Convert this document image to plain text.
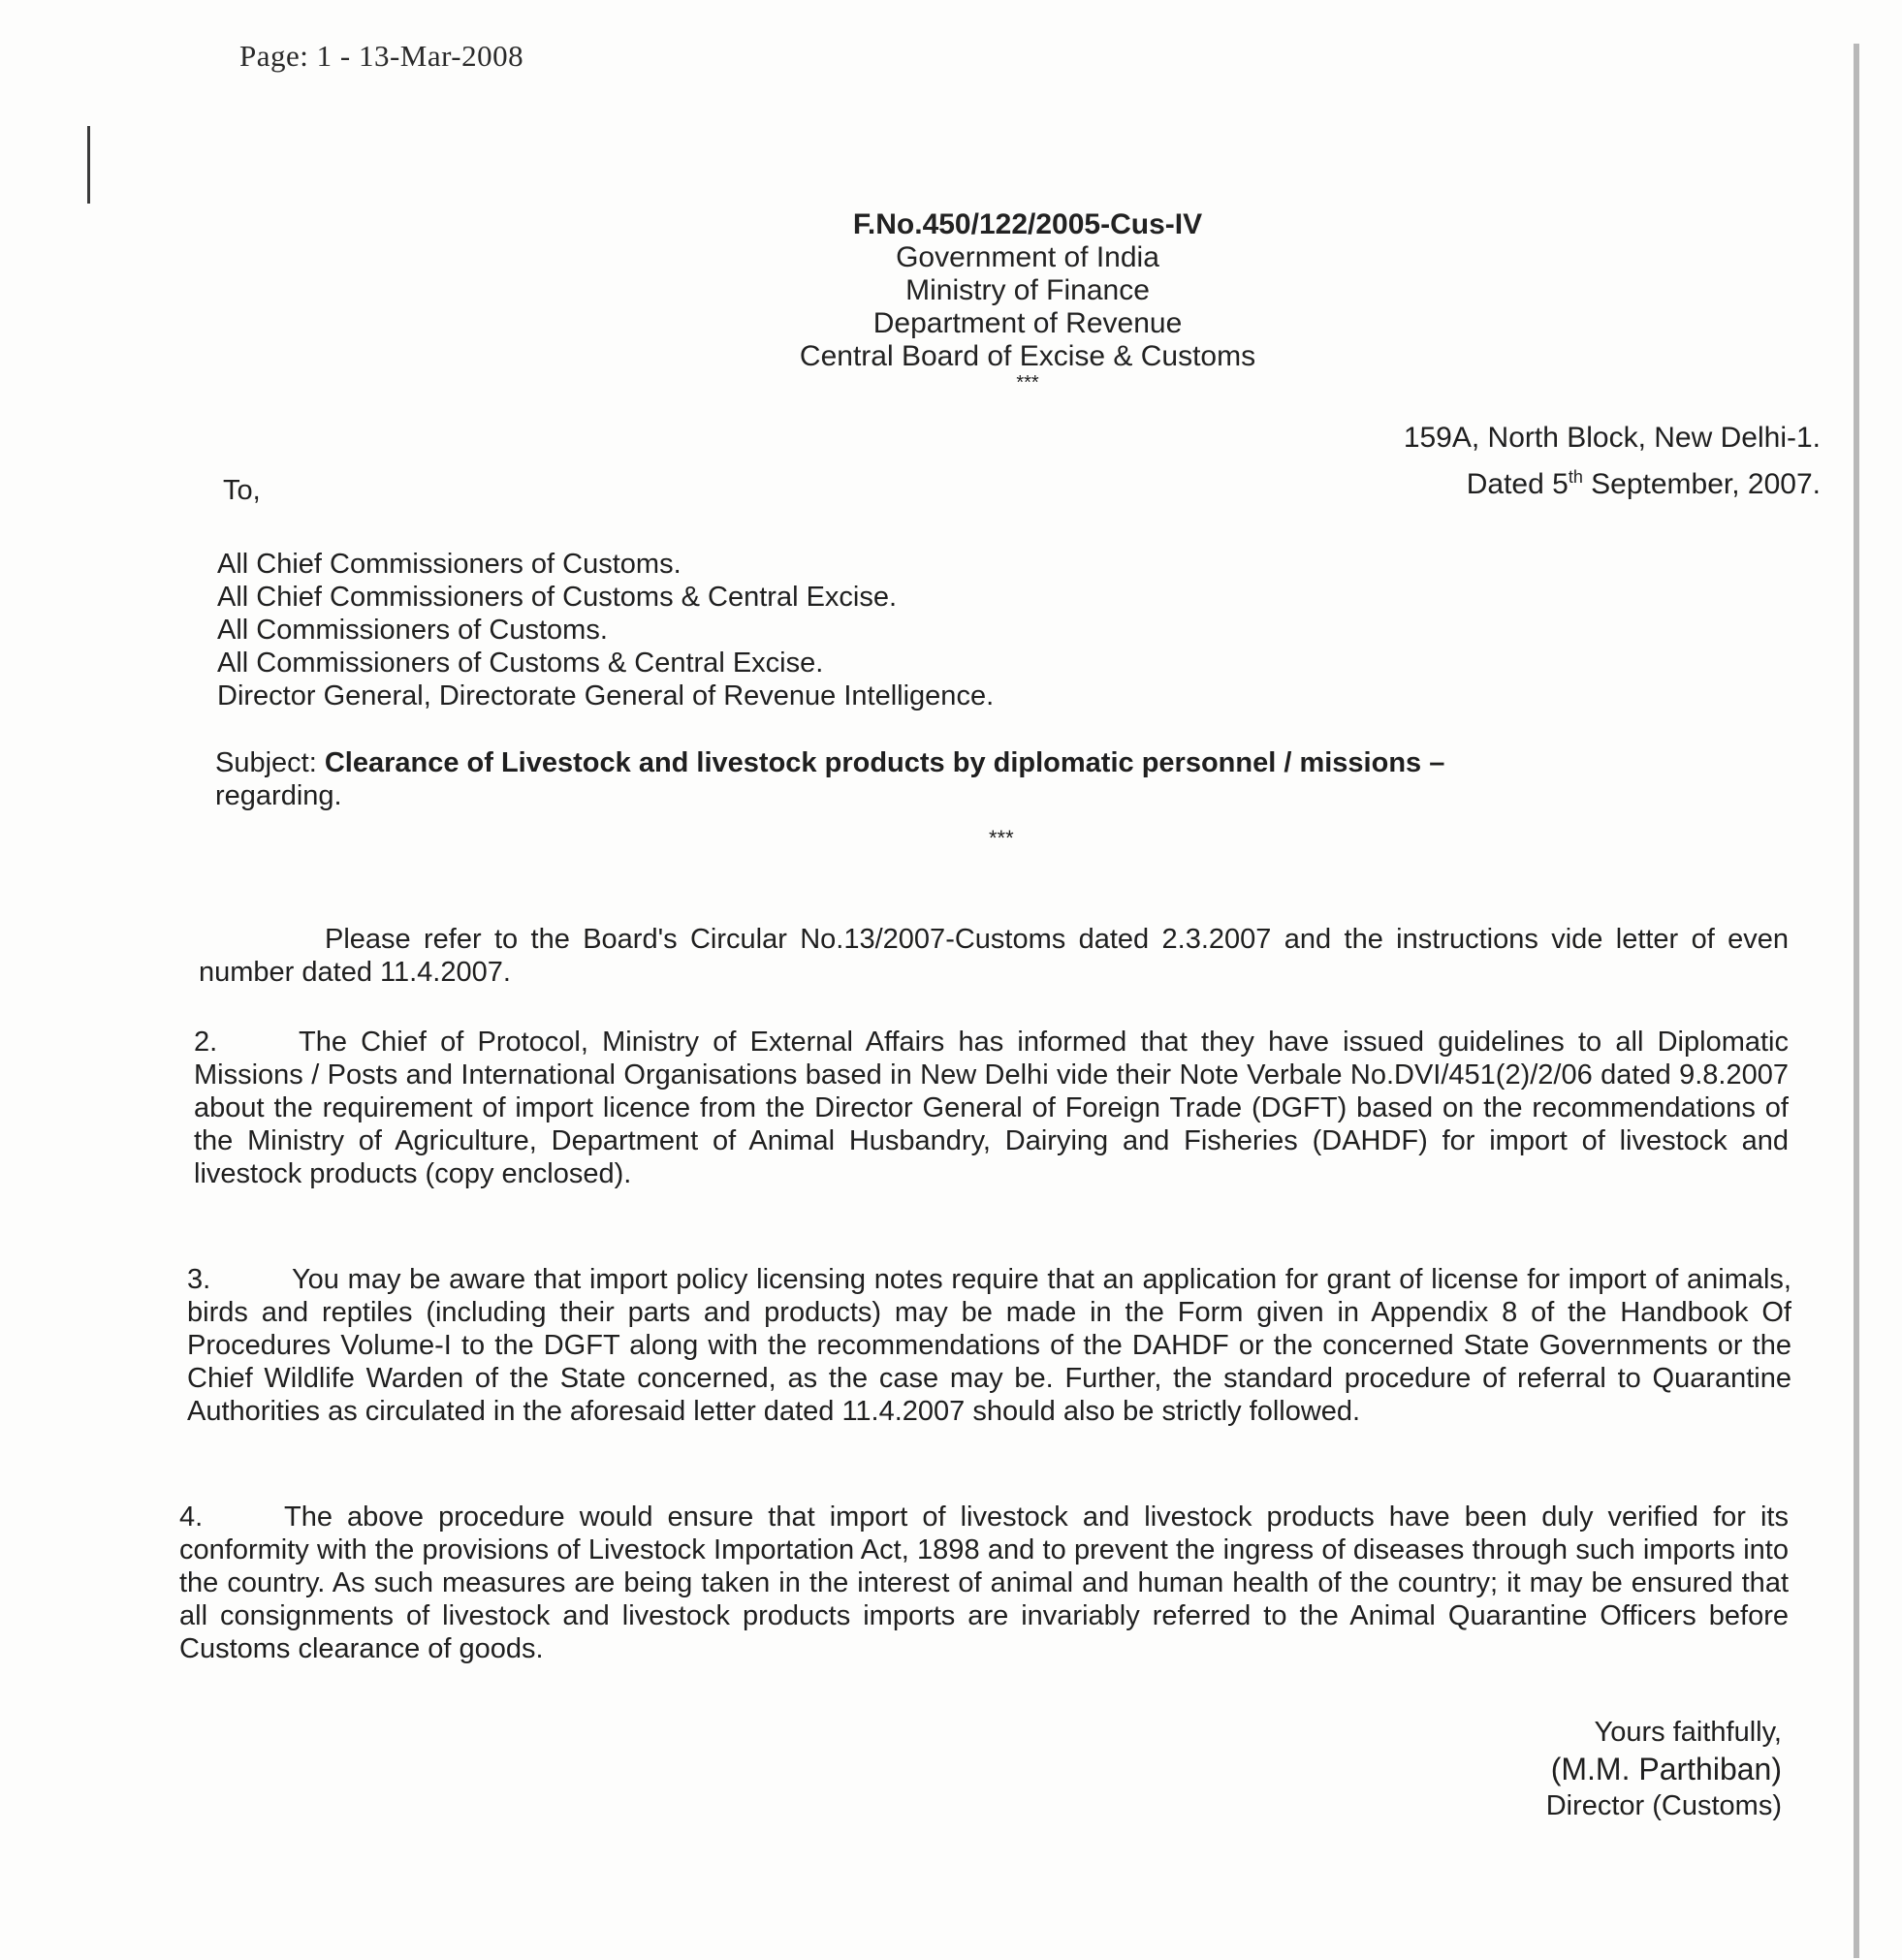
Page: 1 - 13-Mar-2008
F.No.450/122/2005-Cus-IV
Government of India
Ministry of Finance
Department of Revenue
Central Board of Excise & Customs
***
159A, North Block, New Delhi-1.
Dated 5th September, 2007.
To,
All Chief Commissioners of Customs.
All Chief Commissioners of Customs & Central Excise.
All Commissioners of Customs.
All Commissioners of Customs & Central Excise.
Director General, Directorate General of Revenue Intelligence.
Subject: Clearance of Livestock and livestock products by diplomatic personnel / missions –
regarding.
***
Please refer to the Board's Circular No.13/2007-Customs dated 2.3.2007 and the instructions vide letter of even number dated 11.4.2007.
2.	The Chief of Protocol, Ministry of External Affairs has informed that they have issued guidelines to all Diplomatic Missions / Posts and International Organisations based in New Delhi vide their Note Verbale No.DVI/451(2)/2/06 dated 9.8.2007 about the requirement of import licence from the Director General of Foreign Trade (DGFT) based on the recommendations of the Ministry of Agriculture, Department of Animal Husbandry, Dairying and Fisheries (DAHDF) for import of livestock and livestock products (copy enclosed).
3.	You may be aware that import policy licensing notes require that an application for grant of license for import of animals, birds and reptiles (including their parts and products) may be made in the Form given in Appendix 8 of the Handbook Of Procedures Volume-I to the DGFT along with the recommendations of the DAHDF or the concerned State Governments or the Chief Wildlife Warden of the State concerned, as the case may be. Further, the standard procedure of referral to Quarantine Authorities as circulated in the aforesaid letter dated 11.4.2007 should also be strictly followed.
4.	The above procedure would ensure that import of livestock and livestock products have been duly verified for its conformity with the provisions of Livestock Importation Act, 1898 and to prevent the ingress of diseases through such imports into the country. As such measures are being taken in the interest of animal and human health of the country; it may be ensured that all consignments of livestock and livestock products imports are invariably referred to the Animal Quarantine Officers before Customs clearance of goods.
Yours faithfully,
(M.M. Parthiban)
Director (Customs)
